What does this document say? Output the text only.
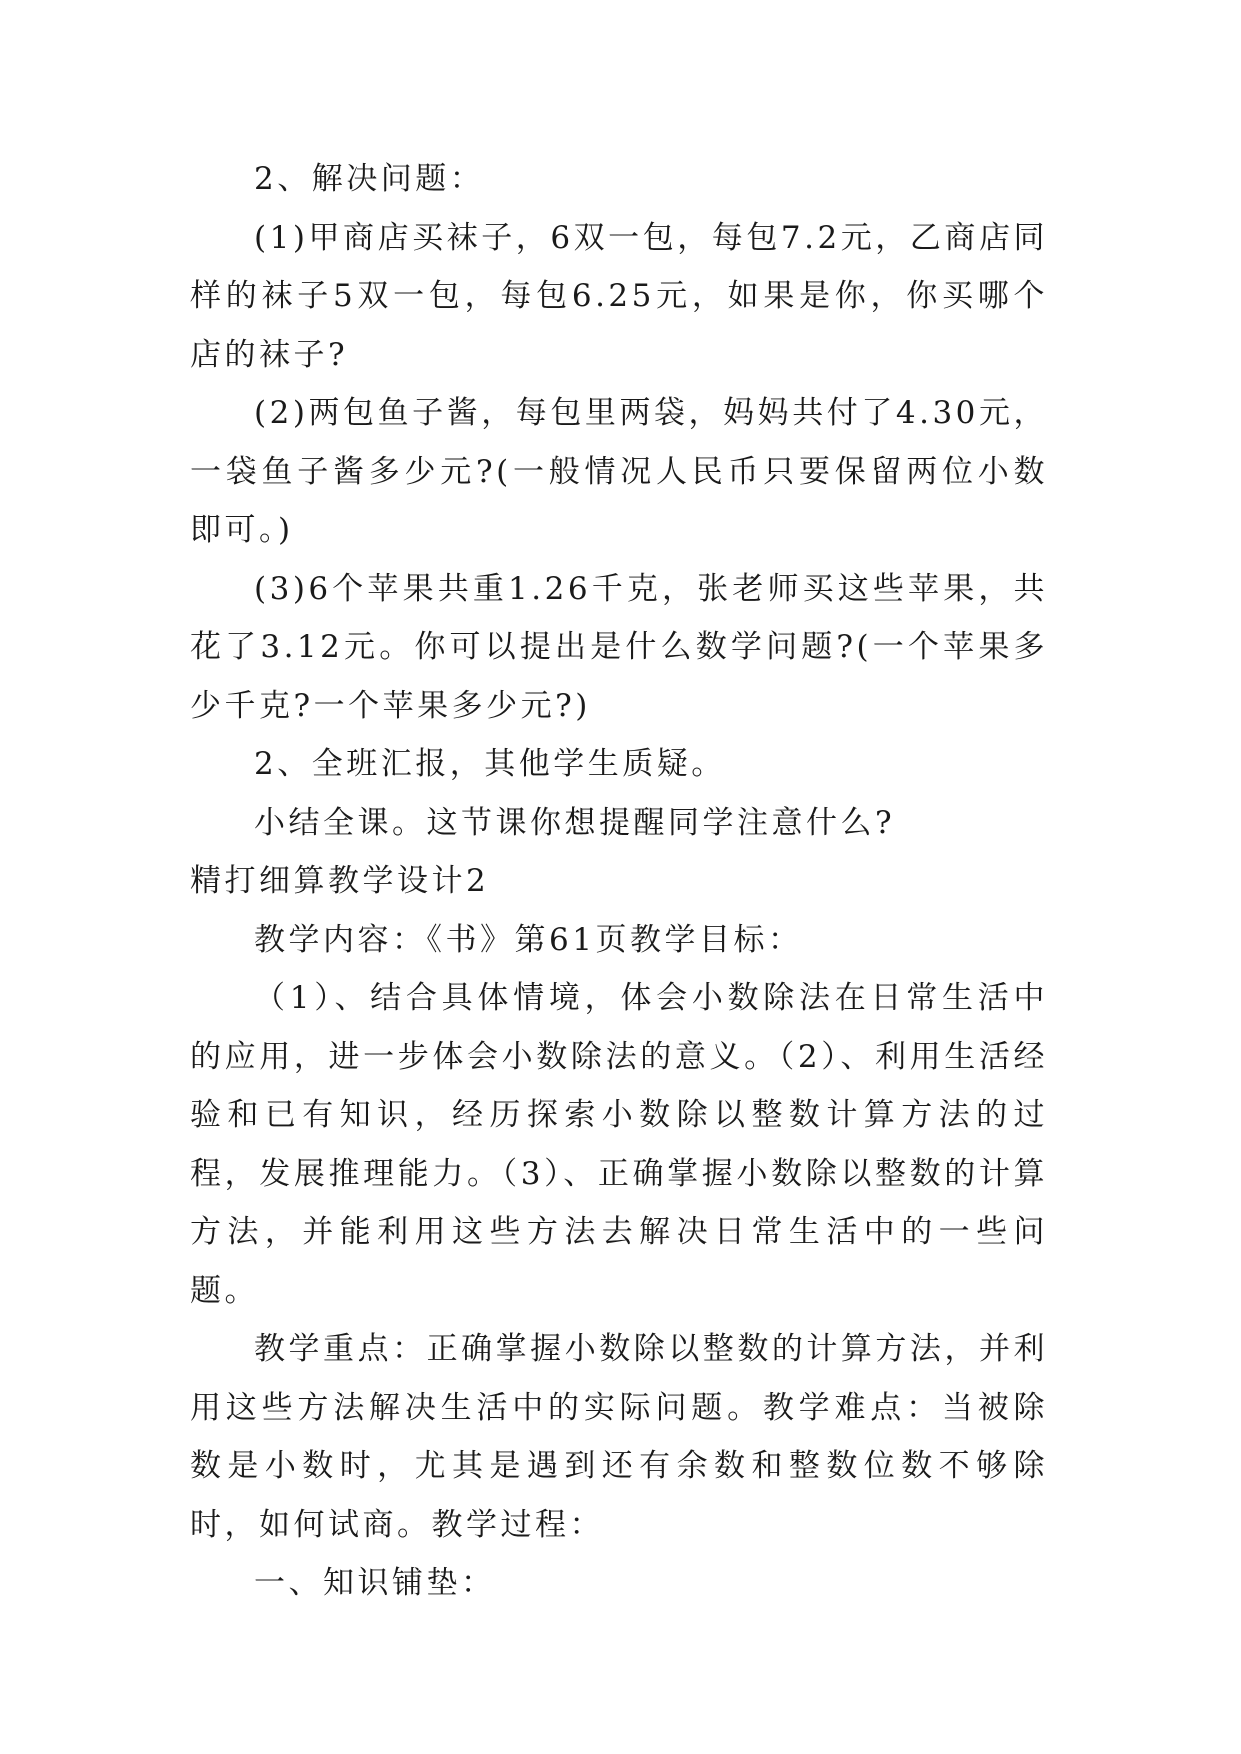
2、解决问题：

(1)甲商店买袜子，6双一包，每包7.2元，乙商店同样的袜子5双一包，每包6.25元，如果是你，你买哪个店的袜子?

(2)两包鱼子酱，每包里两袋，妈妈共付了4.30元，一袋鱼子酱多少元?(一般情况人民币只要保留两位小数即可。)

(3)6个苹果共重1.26千克，张老师买这些苹果，共花了3.12元。你可以提出是什么数学问题?(一个苹果多少千克?一个苹果多少元?)

2、全班汇报，其他学生质疑。

小结全课。这节课你想提醒同学注意什么?

精打细算教学设计2

教学内容：《书》第61页教学目标：

（1）、结合具体情境，体会小数除法在日常生活中的应用，进一步体会小数除法的意义。（2）、利用生活经验和已有知识，经历探索小数除以整数计算方法的过程，发展推理能力。（3）、正确掌握小数除以整数的计算方法，并能利用这些方法去解决日常生活中的一些问题。

教学重点：正确掌握小数除以整数的计算方法，并利用这些方法解决生活中的实际问题。教学难点：当被除数是小数时，尤其是遇到还有余数和整数位数不够除时，如何试商。教学过程：

一、知识铺垫：
